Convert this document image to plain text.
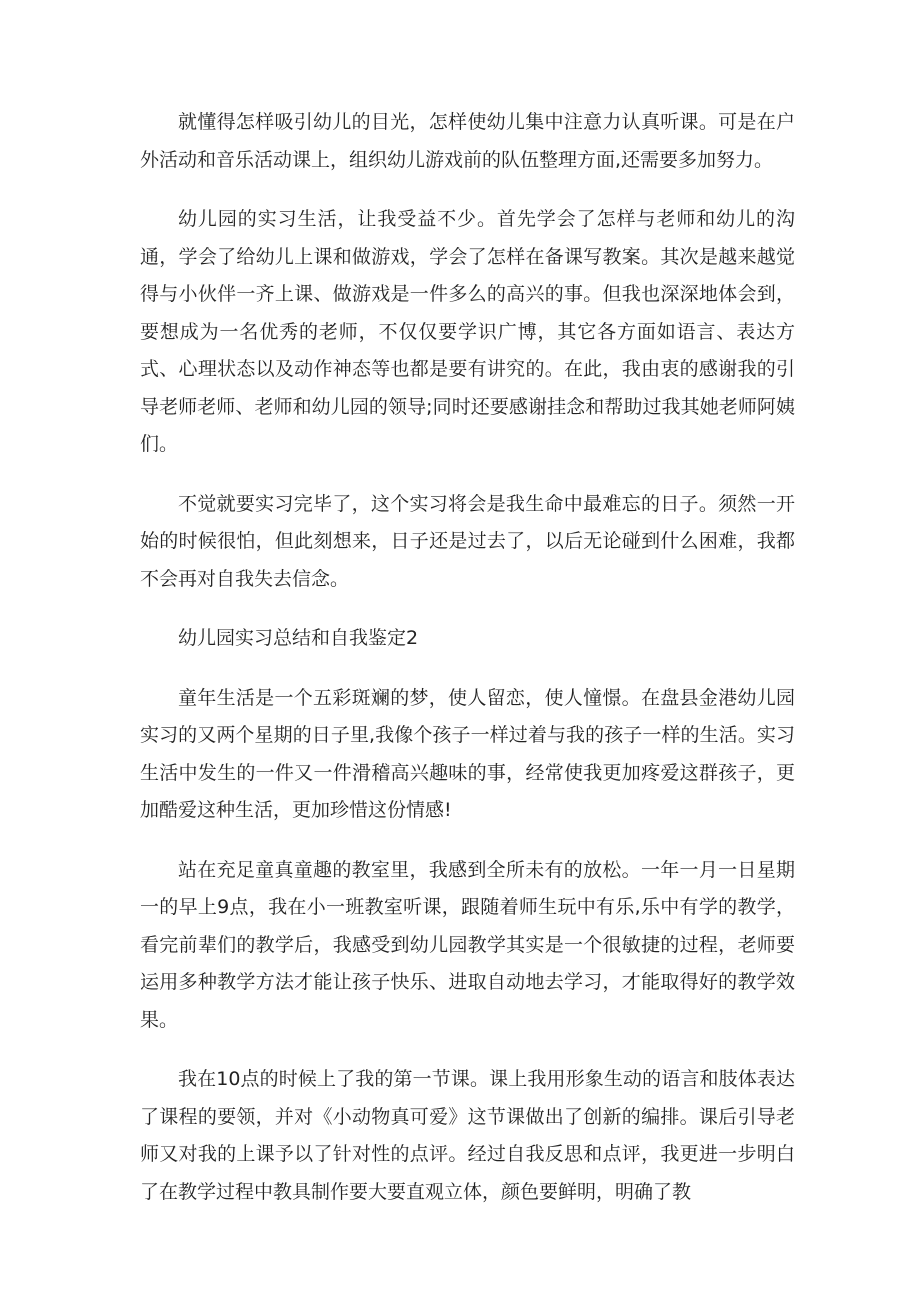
就懂得怎样吸引幼儿的目光，怎样使幼儿集中注意力认真听课。可是在户外活动和音乐活动课上，组织幼儿游戏前的队伍整理方面,还需要多加努力。

幼儿园的实习生活，让我受益不少。首先学会了怎样与老师和幼儿的沟通，学会了给幼儿上课和做游戏，学会了怎样在备课写教案。其次是越来越觉得与小伙伴一齐上课、做游戏是一件多么的高兴的事。但我也深深地体会到，要想成为一名优秀的老师，不仅仅要学识广博，其它各方面如语言、表达方式、心理状态以及动作神态等也都是要有讲究的。在此，我由衷的感谢我的引导老师老师、老师和幼儿园的领导;同时还要感谢挂念和帮助过我其她老师阿姨们。

不觉就要实习完毕了，这个实习将会是我生命中最难忘的日子。须然一开始的时候很怕，但此刻想来，日子还是过去了，以后无论碰到什么困难，我都不会再对自我失去信念。

幼儿园实习总结和自我鉴定2

童年生活是一个五彩斑斓的梦，使人留恋，使人憧憬。在盘县金港幼儿园实习的又两个星期的日子里,我像个孩子一样过着与我的孩子一样的生活。实习生活中发生的一件又一件滑稽高兴趣味的事，经常使我更加疼爱这群孩子，更加酷爱这种生活，更加珍惜这份情感!

站在充足童真童趣的教室里，我感到全所未有的放松。一年一月一日星期一的早上9点，我在小一班教室听课，跟随着师生玩中有乐,乐中有学的教学，看完前辈们的教学后，我感受到幼儿园教学其实是一个很敏捷的过程，老师要运用多种教学方法才能让孩子快乐、进取自动地去学习，才能取得好的教学效果。

我在10点的时候上了我的第一节课。课上我用形象生动的语言和肢体表达了课程的要领，并对《小动物真可爱》这节课做出了创新的编排。课后引导老师又对我的上课予以了针对性的点评。经过自我反思和点评，我更进一步明白了在教学过程中教具制作要大要直观立体，颜色要鲜明，明确了教
